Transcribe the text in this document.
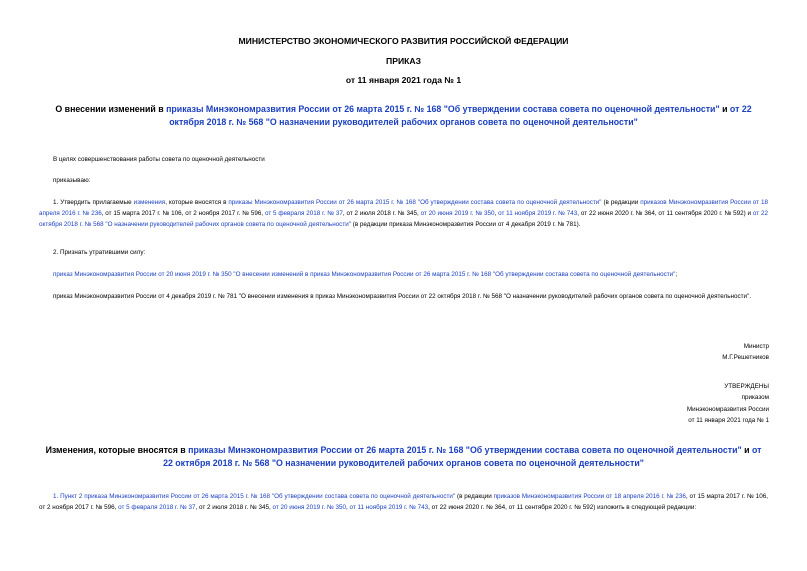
МИНИСТЕРСТВО ЭКОНОМИЧЕСКОГО РАЗВИТИЯ РОССИЙСКОЙ ФЕДЕРАЦИИ
ПРИКАЗ
от 11 января 2021 года № 1
О внесении изменений в приказы Минэкономразвития России от 26 марта 2015 г. № 168 "Об утверждении состава совета по оценочной деятельности" и от 22 октября 2018 г. № 568 "О назначении руководителей рабочих органов совета по оценочной деятельности"
В целях совершенствования работы совета по оценочной деятельности
приказываю:
1. Утвердить прилагаемые изменения, которые вносятся в приказы Минэкономразвития России от 26 марта 2015 г. № 168 "Об утверждении состава совета по оценочной деятельности" (в редакции приказов Минэкономразвития России от 18 апреля 2016 г. № 236, от 15 марта 2017 г. № 106, от 2 ноября 2017 г. № 596, от 5 февраля 2018 г. № 37, от 2 июля 2018 г. № 345, от 20 июня 2019 г. № 350, от 11 ноября 2019 г. № 743, от 22 июня 2020 г. № 364, от 11 сентября 2020 г. № 592) и от 22 октября 2018 г. № 568 "О назначении руководителей рабочих органов совета по оценочной деятельности" (в редакции приказа Минэкономразвития России от 4 декабря 2019 г. № 781).
2. Признать утратившими силу:
приказ Минэкономразвития России от 20 июня 2019 г. № 350 "О внесении изменений в приказ Минэкономразвития России от 26 марта 2015 г. № 168 "Об утверждении состава совета по оценочной деятельности";
приказ Минэкономразвития России от 4 декабря 2019 г. № 781 "О внесении изменения в приказ Минэкономразвития России от 22 октября 2018 г. № 568 "О назначении руководителей рабочих органов совета по оценочной деятельности".
Министр
М.Г.Решетников
УТВЕРЖДЕНЫ
приказом
Минэкономразвития России
от 11 января 2021 года № 1
Изменения, которые вносятся в приказы Минэкономразвития России от 26 марта 2015 г. № 168 "Об утверждении состава совета по оценочной деятельности" и от 22 октября 2018 г. № 568 "О назначении руководителей рабочих органов совета по оценочной деятельности"
1. Пункт 2 приказа Минэкономразвития России от 26 марта 2015 г. № 168 "Об утверждении состава совета по оценочной деятельности" (в редакции приказов Минэкономразвития России от 18 апреля 2016 г. № 236, от 15 марта 2017 г. № 106, от 2 ноября 2017 г. № 596, от 5 февраля 2018 г. № 37, от 2 июля 2018 г. № 345, от 20 июня 2019 г. № 350, от 11 ноября 2019 г. № 743, от 22 июня 2020 г. № 364, от 11 сентября 2020 г. № 592) изложить в следующей редакции:
